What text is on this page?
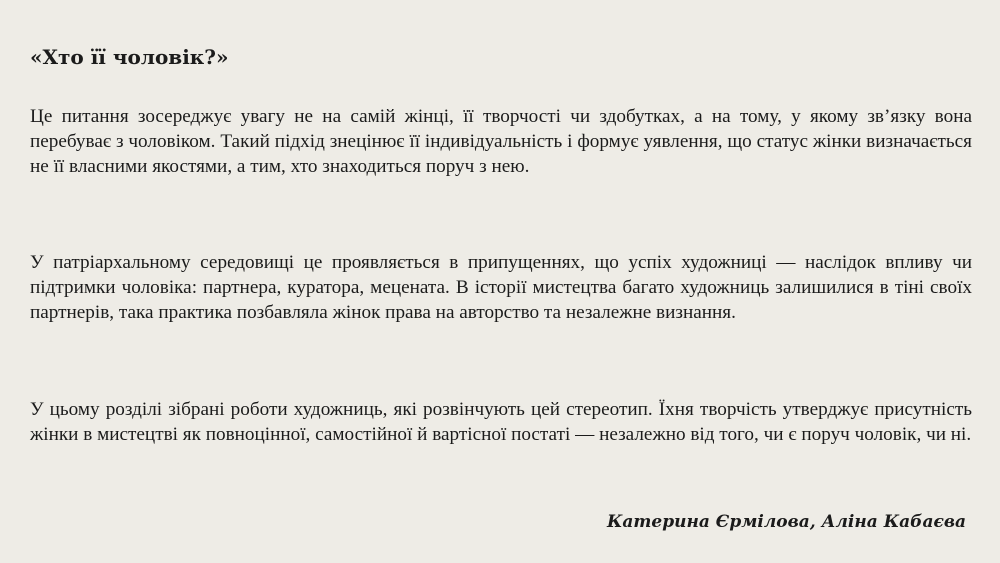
«Хто її чоловік?»

Це питання зосереджує увагу не на самій жінці, її творчості чи здобутках, а на тому, у якому зв’язку вона перебуває з чоловіком. Такий підхід знецінює її індивідуальність і формує уявлення, що статус жінки визначається не її власними якостями, а тим, хто знаходиться поруч з нею.

У патріархальному середовищі це проявляється в припущеннях, що успіх художниці — наслідок впливу чи підтримки чоловіка: партнера, куратора, мецената. В історії мистецтва багато художниць залишилися в тіні своїх партнерів, така практика позбавляла жінок права на авторство та незалежне визнання.

У цьому розділі зібрані роботи художниць, які розвінчують цей стереотип. Їхня творчість утверджує присутність жінки в мистецтві як повноцінної, самостійної й вартісної постаті — незалежно від того, чи є поруч чоловік, чи ні.

Катерина Єрмілова, Аліна Кабаєва
